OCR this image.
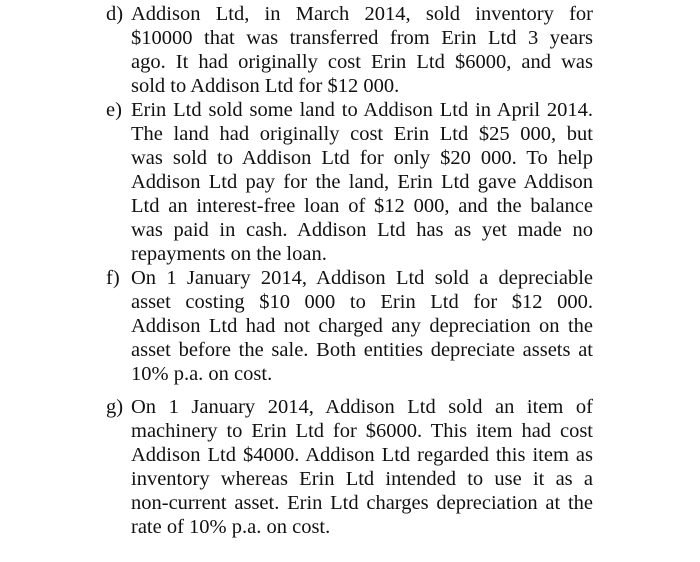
d) Addison Ltd, in March 2014, sold inventory for
$10000 that was transferred from Erin Ltd 3 years
ago. It had originally cost Erin Ltd $6000, and was
sold to Addison Ltd for $12 000.
e) Erin Ltd sold some land to Addison Ltd in April 2014.
The land had originally cost Erin Ltd $25 000, but
was sold to Addison Ltd for only $20 000. To help
Addison Ltd pay for the land, Erin Ltd gave Addison
Ltd an interest-free loan of $12 000, and the balance
was paid in cash. Addison Ltd has as yet made no
repayments on the loan.
f) On 1 January 2014, Addison Ltd sold a depreciable
asset costing $10 000 to Erin Ltd for $12 000.
Addison Ltd had not charged any depreciation on the
asset before the sale. Both entities depreciate assets at
10% p.a. on cost.
g) On 1 January 2014, Addison Ltd sold an item of
machinery to Erin Ltd for $6000. This item had cost
Addison Ltd $4000. Addison Ltd regarded this item as
inventory whereas Erin Ltd intended to use it as a
non-current asset. Erin Ltd charges depreciation at the
rate of 10% p.a. on cost.
